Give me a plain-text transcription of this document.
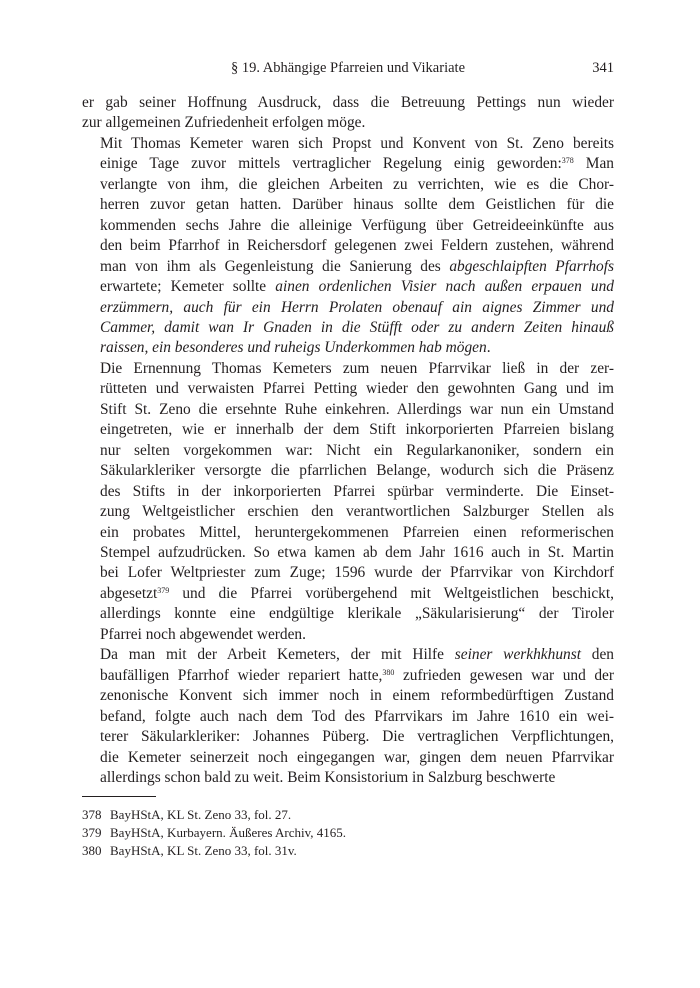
§ 19. Abhängige Pfarreien und Vikariate	341

er gab seiner Hoffnung Ausdruck, dass die Betreuung Pettings nun wieder
zur allgemeinen Zufriedenheit erfolgen möge.

Mit Thomas Kemeter waren sich Propst und Konvent von St. Zeno bereits
einige Tage zuvor mittels vertraglicher Regelung einig geworden:$^{378}$ Man
verlangte von ihm, die gleichen Arbeiten zu verrichten, wie es die Chor-
herren zuvor getan hatten. Darüber hinaus sollte dem Geistlichen für die
kommenden sechs Jahre die alleinige Verfügung über Getreideeinkünfte aus
den beim Pfarrhof in Reichersdorf gelegenen zwei Feldern zustehen, während
man von ihm als Gegenleistung die Sanierung des abgeschlaipften Pfarrhofs
erwartete; Kemeter sollte ainen ordenlichen Visier nach außen erpauen und
erzümmern, auch für ein Herrn Prolaten obenauf ain aignes Zimmer und
Cammer, damit wan Ir Gnaden in die Stüfft oder zu andern Zeiten hinauß
raissen, ein besonderes und ruheigs Underkommen hab mögen.

Die Ernennung Thomas Kemeters zum neuen Pfarrvikar ließ in der zer-
rütteten und verwaisten Pfarrei Petting wieder den gewohnten Gang und im
Stift St. Zeno die ersehnte Ruhe einkehren. Allerdings war nun ein Umstand
eingetreten, wie er innerhalb der dem Stift inkorporierten Pfarreien bislang
nur selten vorgekommen war: Nicht ein Regularkanoniker, sondern ein
Säkularkleriker versorgte die pfarrlichen Belange, wodurch sich die Präsenz
des Stifts in der inkorporierten Pfarrei spürbar verminderte. Die Einset-
zung Weltgeistlicher erschien den verantwortlichen Salzburger Stellen als
ein probates Mittel, heruntergekommenen Pfarreien einen reformerischen
Stempel aufzudrücken. So etwa kamen ab dem Jahr 1616 auch in St. Martin
bei Lofer Weltpriester zum Zuge; 1596 wurde der Pfarrvikar von Kirchdorf
abgesetzt$^{379}$ und die Pfarrei vorübergehend mit Weltgeistlichen beschickt,
allerdings konnte eine endgültige klerikale „Säkularisierung“ der Tiroler
Pfarrei noch abgewendet werden.

Da man mit der Arbeit Kemeters, der mit Hilfe seiner werkhkhunst den
baufälligen Pfarrhof wieder repariert hatte,$^{380}$ zufrieden gewesen war und der
zenonische Konvent sich immer noch in einem reformbedürftigen Zustand
befand, folgte auch nach dem Tod des Pfarrvikars im Jahre 1610 ein wei-
terer Säkularkleriker: Johannes Püberg. Die vertraglichen Verpflichtungen,
die Kemeter seinerzeit noch eingegangen war, gingen dem neuen Pfarrvikar
allerdings schon bald zu weit. Beim Konsistorium in Salzburg beschwerte

378 BayHStA, KL St. Zeno 33, fol. 27.
379 BayHStA, Kurbayern. Äußeres Archiv, 4165.
380 BayHStA, KL St. Zeno 33, fol. 31v.
